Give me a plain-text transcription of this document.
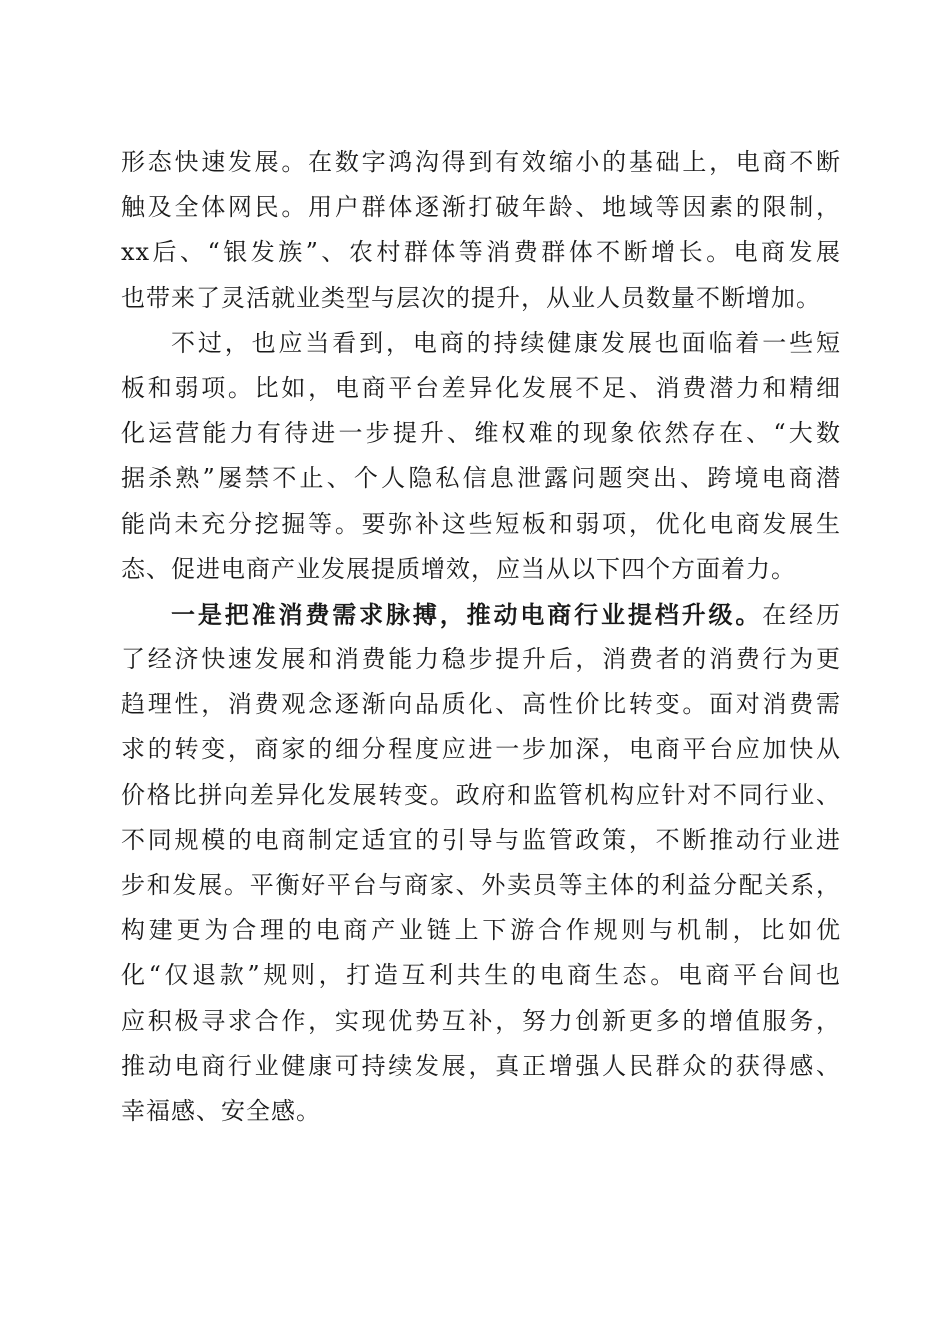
形态快速发展。在数字鸿沟得到有效缩小的基础上，电商不断
触及全体网民。用户群体逐渐打破年龄、地域等因素的限制，
xx后、“银发族”、农村群体等消费群体不断增长。电商发展
也带来了灵活就业类型与层次的提升，从业人员数量不断增加。
不过，也应当看到，电商的持续健康发展也面临着一些短
板和弱项。比如，电商平台差异化发展不足、消费潜力和精细
化运营能力有待进一步提升、维权难的现象依然存在、“大数
据杀熟”屡禁不止、个人隐私信息泄露问题突出、跨境电商潜
能尚未充分挖掘等。要弥补这些短板和弱项，优化电商发展生
态、促进电商产业发展提质增效，应当从以下四个方面着力。
一是把准消费需求脉搏，推动电商行业提档升级。在经历
了经济快速发展和消费能力稳步提升后，消费者的消费行为更
趋理性，消费观念逐渐向品质化、高性价比转变。面对消费需
求的转变，商家的细分程度应进一步加深，电商平台应加快从
价格比拼向差异化发展转变。政府和监管机构应针对不同行业、
不同规模的电商制定适宜的引导与监管政策，不断推动行业进
步和发展。平衡好平台与商家、外卖员等主体的利益分配关系，
构建更为合理的电商产业链上下游合作规则与机制，比如优
化“仅退款”规则，打造互利共生的电商生态。电商平台间也
应积极寻求合作，实现优势互补，努力创新更多的增值服务，
推动电商行业健康可持续发展，真正增强人民群众的获得感、
幸福感、安全感。
